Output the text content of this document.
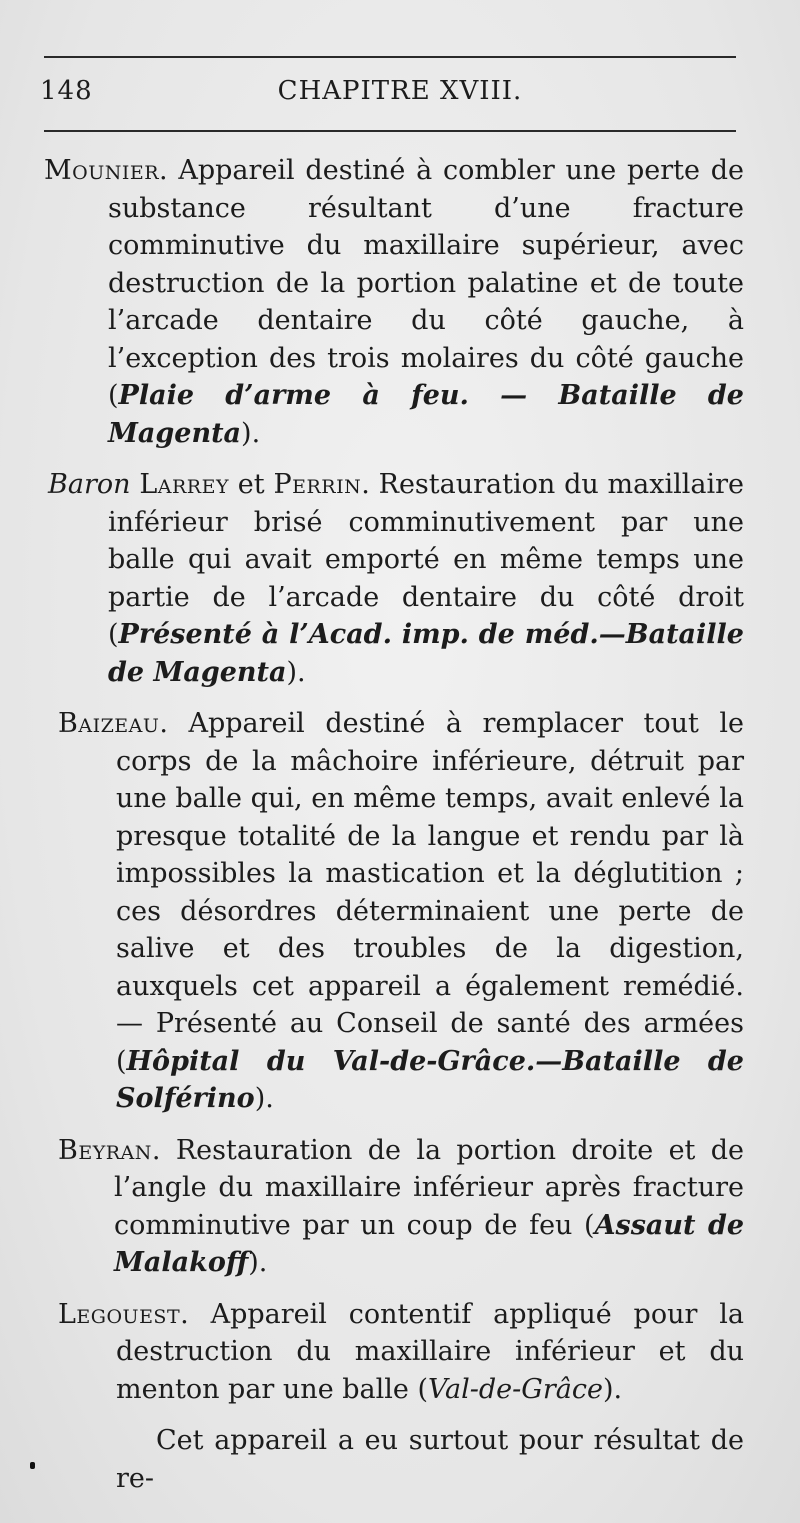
148	CHAPITRE XVIII.

Mounier. Appareil destiné à combler une perte de substance résultant d’une fracture comminutive du maxillaire supérieur, avec destruction de la portion palatine et de toute l’arcade dentaire du côté gauche, à l’exception des trois molaires du côté gauche (Plaie d’arme à feu. — Bataille de Magenta).

Baron Larrey et Perrin. Restauration du maxillaire inférieur brisé comminutivement par une balle qui avait emporté en même temps une partie de l’arcade dentaire du côté droit (Présenté à l’Acad. imp. de méd.—Bataille de Magenta).

Baizeau. Appareil destiné à remplacer tout le corps de la mâchoire inférieure, détruit par une balle qui, en même temps, avait enlevé la presque totalité de la langue et rendu par là impossibles la mastication et la déglutition ; ces désordres déterminaient une perte de salive et des troubles de la digestion, auxquels cet appareil a également remédié. — Présenté au Conseil de santé des armées (Hôpital du Val-de-Grâce.—Bataille de Solférino).

Beyran. Restauration de la portion droite et de l’angle du maxillaire inférieur après fracture comminutive par un coup de feu (Assaut de Malakoff).

Legouest. Appareil contentif appliqué pour la destruction du maxillaire inférieur et du menton par une balle (Val-de-Grâce).

Cet appareil a eu surtout pour résultat de re-
